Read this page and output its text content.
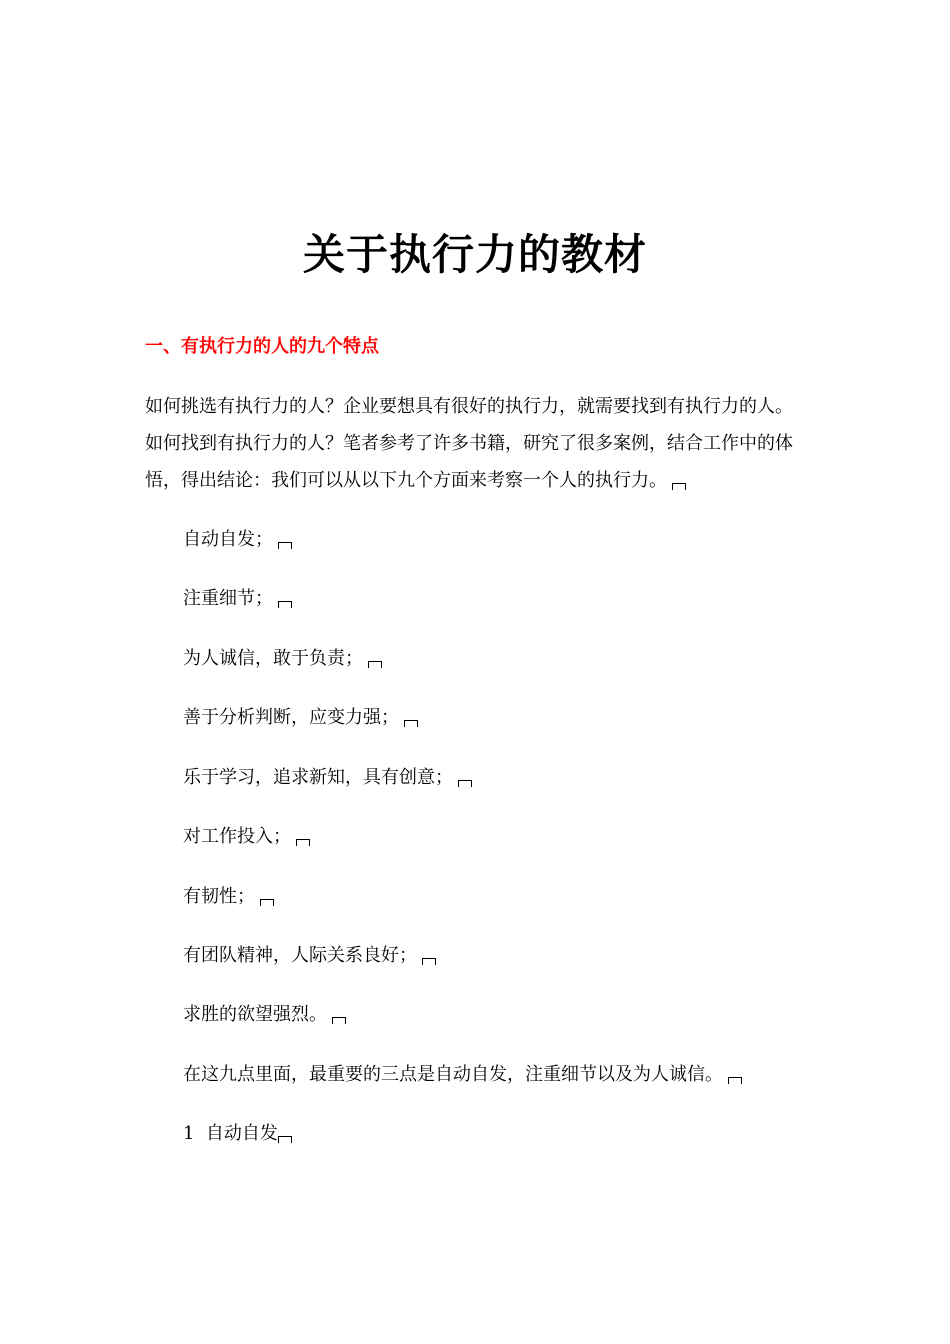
关于执行力的教材
一、有执行力的人的九个特点

如何挑选有执行力的人？企业要想具有很好的执行力，就需要找到有执行力的人。如何找到有执行力的人？笔者参考了许多书籍，研究了很多案例，结合工作中的体悟，得出结论：我们可以从以下九个方面来考察一个人的执行力。

自动自发；

注重细节；

为人诚信，敢于负责；

善于分析判断，应变力强；

乐于学习，追求新知，具有创意；

对工作投入；

有韧性；

有团队精神，人际关系良好；

求胜的欲望强烈。

在这九点里面，最重要的三点是自动自发，注重细节以及为人诚信。

1  自动自发
